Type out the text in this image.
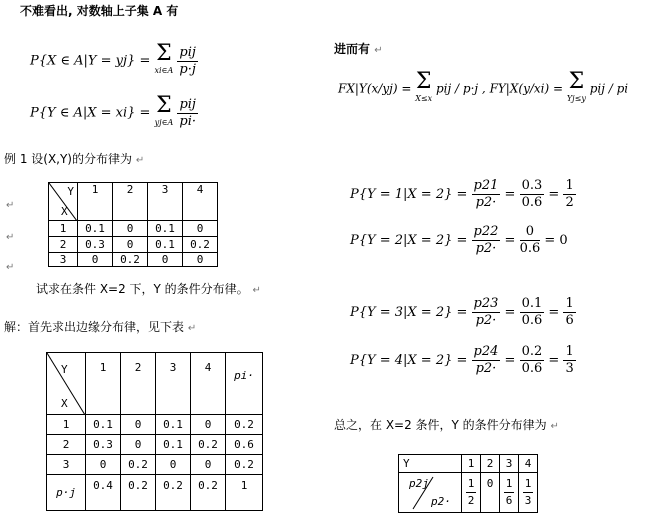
不难看出, 对数轴上子集 A 有
P{X ∈ A|Y = yj} = Σ
xi∈A
$\frac{\text{pij}}{p\cdot j}$
P{Y ∈ A|X = xi} = Σ
yj∈A
$\frac{\text{pij}}{pi\cdot}$
例 1 设(X,Y)的分布律为 ↵
↵
↵
↵
Y
X	1	2	3	4
1	0.1	0	0.1	0
2	0.3	0	0.1	0.2
3	0	0.2	0	0
试求在条件 X=2 下，Y 的条件分布律。 ↵
解：首先求出边缘分布律，见下表 ↵
Y
X	1	2	3	4	pi·
1	0.1	0	0.1	0	0.2
2	0.3	0	0.1	0.2	0.6
3	0	0.2	0	0	0.2
p·j	0.4	0.2	0.2	0.2	1
进而有 ↵
FX|Y(x/yj) = Σ
X≤x
pij / p·j , FY|X(y/xi) = Σ
Yj≤y
pij / pi
$P\{Y = 1|X = 2\} = \frac{p21}{p2\cdot} = \frac{0.3}{0.6} = \frac{1}{2}$
$P\{Y = 2|X = 2\} = \frac{p22}{p2\cdot} = \frac{0}{0.6} = 0$
$P\{Y = 3|X = 2\} = \frac{p23}{p2\cdot} = \frac{0.1}{0.6} = \frac{1}{6}$
$P\{Y = 4|X = 2\} = \frac{p24}{p2\cdot} = \frac{0.2}{0.6} = \frac{1}{3}$
总之，在 X=2 条件，Y 的条件分布律为 ↵
Y	1	2	3	4

p2j
p2·	$\frac{1}{2}$	0	$\frac{1}{6}$	$\frac{1}{3}$
